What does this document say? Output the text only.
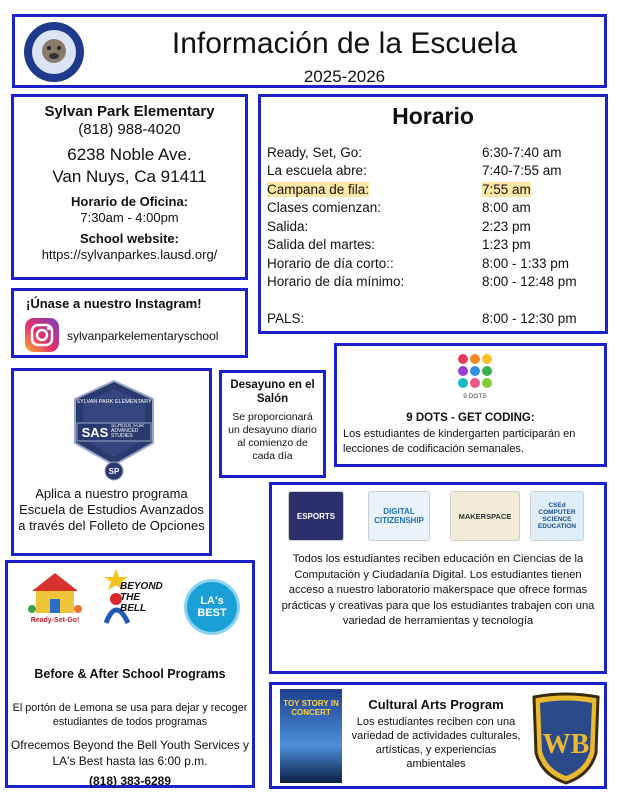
Información de la Escuela
2025-2026
Sylvan Park Elementary
(818) 988-4020
6238 Noble Ave.
Van Nuys, Ca 91411
Horario de Oficina:
7:30am - 4:00pm
School website:
https://sylvanparkes.lausd.org/
Horario
Ready, Set, Go:	6:30-7:40 am
La escuela abre:	7:40-7:55 am
Campana de fila:	7:55 am
Clases comienzan:	8:00 am
Salida:	2:23 pm
Salida del martes:	1:23 pm
Horario de día corto::	8:00 - 1:33 pm
Horario de día mínimo:	8:00 - 12:48 pm

PALS:	8:00 - 12:30 pm
¡Únase a nuestro Instagram!
sylvanparkelementaryschool
SYLVAN PARK ELEMENTARY
SAS SCHOOL FOR ADVANCED STUDIES
SP
Aplica a nuestro programa Escuela de Estudios Avanzados a través del Folleto de Opciones
Desayuno en el Salón
Se proporcionará un desayuno diario al comienzo de cada día
9 DOTS
9 DOTS - GET CODING:
Los estudiantes de kindergarten participarán en lecciones de codificación semanales.
ESPORTS	DIGITAL CITIZENSHIP	MAKERSPACE
CSEd COMPUTER SCIENCE EDUCATION
Todos los estudiantes reciben educación en Ciencias de la Computación y Ciudadanía Digital. Los estudiantes tienen acceso a nuestro laboratorio makerspace que ofrece formas prácticas y creativas para que los estudiantes trabajen con una variedad de herramientas y tecnología
Ready-Set-Go!
BEYOND THE BELL
LA's BEST
Before & After School Programs
El portón de Lemona se usa para dejar y recoger estudiantes de todos programas
Ofrecemos Beyond the Bell Youth Services y LA's Best hasta las 6:00 p.m.
(818) 383-6289
TOY STORY IN CONCERT
Cultural Arts Program
Los estudiantes reciben con una variedad de actividades culturales, artísticas, y experiencias ambientales
WB
